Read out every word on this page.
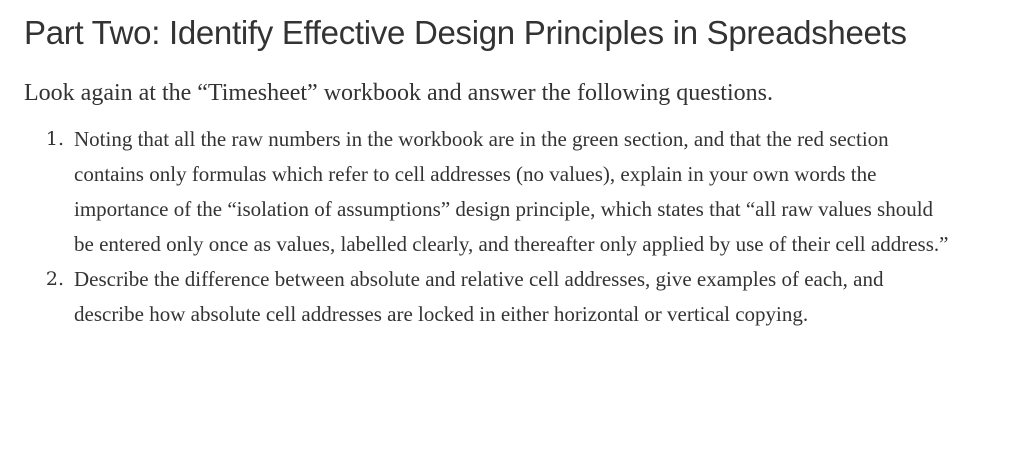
Part Two: Identify Effective Design Principles in Spreadsheets

Look again at the “Timesheet” workbook and answer the following questions.

1. Noting that all the raw numbers in the workbook are in the green section, and that the red section contains only formulas which refer to cell addresses (no values), explain in your own words the importance of the “isolation of assumptions” design principle, which states that “all raw values should be entered only once as values, labelled clearly, and thereafter only applied by use of their cell address.”
2. Describe the difference between absolute and relative cell addresses, give examples of each, and describe how absolute cell addresses are locked in either horizontal or vertical copying.
